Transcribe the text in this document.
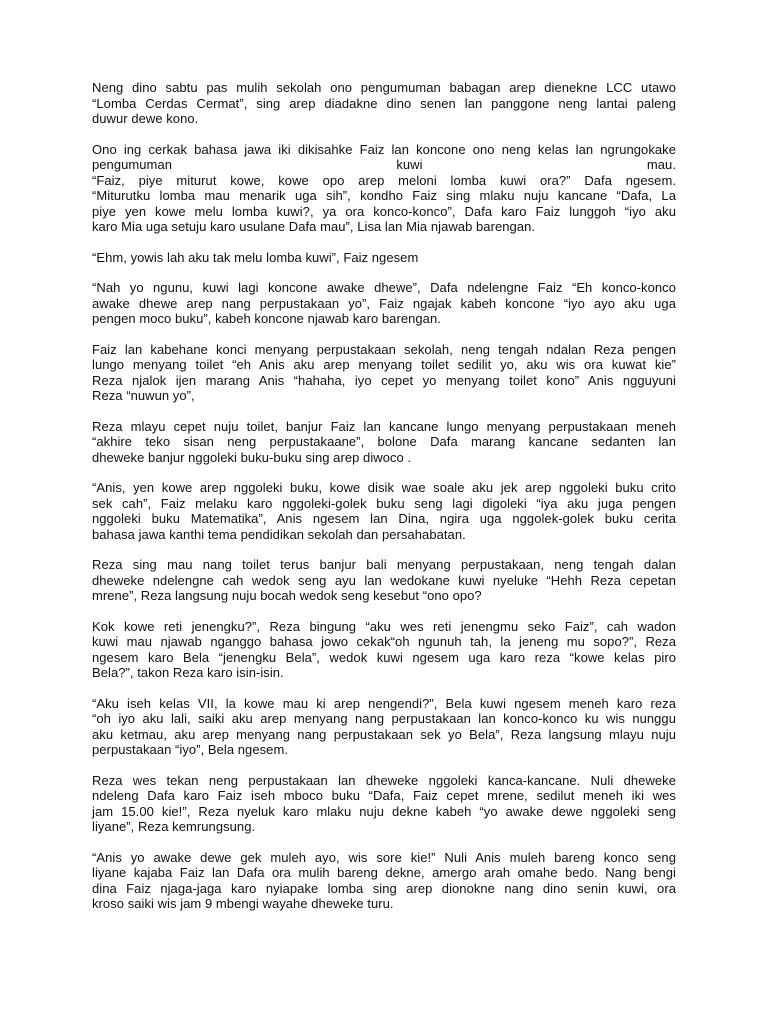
Neng dino sabtu pas mulih sekolah ono pengumuman babagan arep dienekne LCC utawo
“Lomba Cerdas Cermat”, sing arep diadakne dino senen lan panggone neng lantai paleng
duwur dewe kono.
Ono ing cerkak bahasa jawa iki dikisahke Faiz lan koncone ono neng kelas lan ngrungokake
pengumuman kuwi mau.
“Faiz, piye miturut kowe, kowe opo arep meloni lomba kuwi ora?” Dafa ngesem.
“Miturutku lomba mau menarik uga sih”, kondho Faiz sing mlaku nuju kancane “Dafa, La
piye yen kowe melu lomba kuwi?, ya ora konco-konco”, Dafa karo Faiz lunggoh “iyo aku
karo Mia uga setuju karo usulane Dafa mau”, Lisa lan Mia njawab barengan.
“Ehm, yowis lah aku tak melu lomba kuwi”, Faiz ngesem
“Nah yo ngunu, kuwi lagi koncone awake dhewe”, Dafa ndelengne Faiz “Eh konco-konco
awake dhewe arep nang perpustakaan yo”, Faiz ngajak kabeh koncone “iyo ayo aku uga
pengen moco buku”, kabeh koncone njawab karo barengan.
Faiz lan kabehane konci menyang perpustakaan sekolah, neng tengah ndalan Reza pengen
lungo menyang toilet “eh Anis aku arep menyang toilet sedilit yo, aku wis ora kuwat kie”
Reza njalok ijen marang Anis “hahaha, iyo cepet yo menyang toilet kono” Anis ngguyuni
Reza “nuwun yo”,
Reza mlayu cepet nuju toilet, banjur Faiz lan kancane lungo menyang perpustakaan meneh
“akhire teko sisan neng perpustakaane”, bolone Dafa marang kancane sedanten lan
dheweke banjur nggoleki buku-buku sing arep diwoco .
“Anis, yen kowe arep nggoleki buku, kowe disik wae soale aku jek arep nggoleki buku crito
sek cah”, Faiz melaku karo nggoleki-golek buku seng lagi digoleki “iya aku juga pengen
nggoleki buku Matematika”, Anis ngesem lan Dina, ngira uga nggolek-golek buku cerita
bahasa jawa kanthi tema pendidikan sekolah dan persahabatan.
Reza sing mau nang toilet terus banjur bali menyang perpustakaan, neng tengah dalan
dheweke ndelengne cah wedok seng ayu lan wedokane kuwi nyeluke “Hehh Reza cepetan
mrene”, Reza langsung nuju bocah wedok seng kesebut “ono opo?
Kok kowe reti jenengku?”, Reza bingung “aku wes reti jenengmu seko Faiz”, cah wadon
kuwi mau njawab nganggo bahasa jowo cekak“oh ngunuh tah, la jeneng mu sopo?”, Reza
ngesem karo Bela “jenengku Bela”, wedok kuwi ngesem uga karo reza “kowe kelas piro
Bela?”, takon Reza karo isin-isin.
“Aku iseh kelas VII, la kowe mau ki arep nengendi?”, Bela kuwi ngesem meneh karo reza
“oh iyo aku lali, saiki aku arep menyang nang perpustakaan lan konco-konco ku wis nunggu
aku ketmau, aku arep menyang nang perpustakaan sek yo Bela”, Reza langsung mlayu nuju
perpustakaan “iyo”, Bela ngesem.
Reza wes tekan neng perpustakaan lan dheweke nggoleki kanca-kancane. Nuli dheweke
ndeleng Dafa karo Faiz iseh mboco buku “Dafa, Faiz cepet mrene, sedilut meneh iki wes
jam 15.00 kie!”, Reza nyeluk karo mlaku nuju dekne kabeh “yo awake dewe nggoleki seng
liyane”, Reza kemrungsung.
“Anis yo awake dewe gek muleh ayo, wis sore kie!” Nuli Anis muleh bareng konco seng
liyane kajaba Faiz lan Dafa ora mulih bareng dekne, amergo arah omahe bedo. Nang bengi
dina Faiz njaga-jaga karo nyiapake lomba sing arep dionokne nang dino senin kuwi, ora
kroso saiki wis jam 9 mbengi wayahe dheweke turu.
